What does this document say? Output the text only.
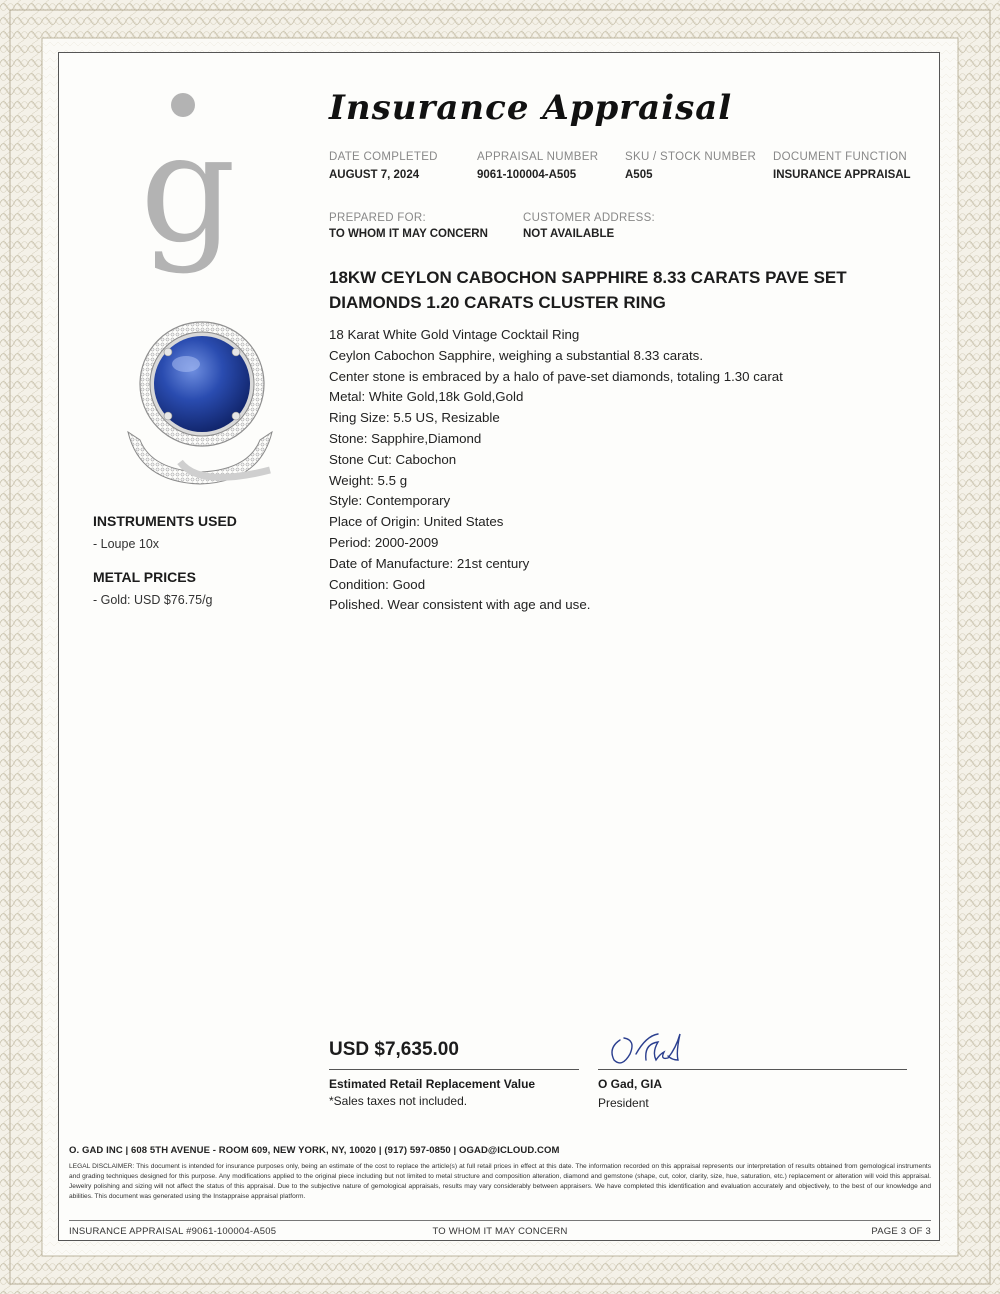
g	Insurance Appraisal
DATE COMPLETED
AUGUST 7, 2024
APPRAISAL NUMBER
9061-100004-A505
SKU / STOCK NUMBER
A505
DOCUMENT FUNCTION
INSURANCE APPRAISAL
PREPARED FOR:
TO WHOM IT MAY CONCERN
CUSTOMER ADDRESS:
NOT AVAILABLE
18KW CEYLON CABOCHON SAPPHIRE 8.33 CARATS PAVE SET DIAMONDS 1.20 CARATS CLUSTER RING
18 Karat White Gold Vintage Cocktail Ring
Ceylon Cabochon Sapphire, weighing a substantial 8.33 carats.
Center stone is embraced by a halo of pave-set diamonds, totaling 1.30 carat
Metal: White Gold,18k Gold,Gold
Ring Size: 5.5 US, Resizable
Stone: Sapphire,Diamond
Stone Cut: Cabochon
Weight: 5.5 g
Style: Contemporary
Place of Origin: United States
Period: 2000-2009
Date of Manufacture: 21st century
Condition: Good
Polished. Wear consistent with age and use.
INSTRUMENTS USED
- Loupe 10x
METAL PRICES
- Gold: USD $76.75/g
USD $7,635.00
Estimated Retail Replacement Value
*Sales taxes not included.
O Gad, GIA
President
O. GAD INC | 608 5TH AVENUE - ROOM 609, NEW YORK, NY, 10020 | (917) 597-0850 | OGAD@ICLOUD.COM
LEGAL DISCLAIMER: This document is intended for insurance purposes only, being an estimate of the cost to replace the article(s) at full retail prices in effect at this date. The information recorded on this appraisal represents our interpretation of results obtained from gemological instruments and grading techniques designed for this purpose. Any modifications applied to the original piece including but not limited to metal structure and composition alteration, diamond and gemstone (shape, cut, color, clarity, size, hue, saturation, etc.) replacement or alteration will void this appraisal. Jewelry polishing and sizing will not affect the status of this appraisal. Due to the subjective nature of gemological appraisals, results may vary considerably between appraisers. We have completed this identification and evaluation accurately and objectively, to the best of our knowledge and abilities. This document was generated using the Instappraise appraisal platform.
INSURANCE APPRAISAL #9061-100004-A505	TO WHOM IT MAY CONCERN	PAGE 3 OF 3
